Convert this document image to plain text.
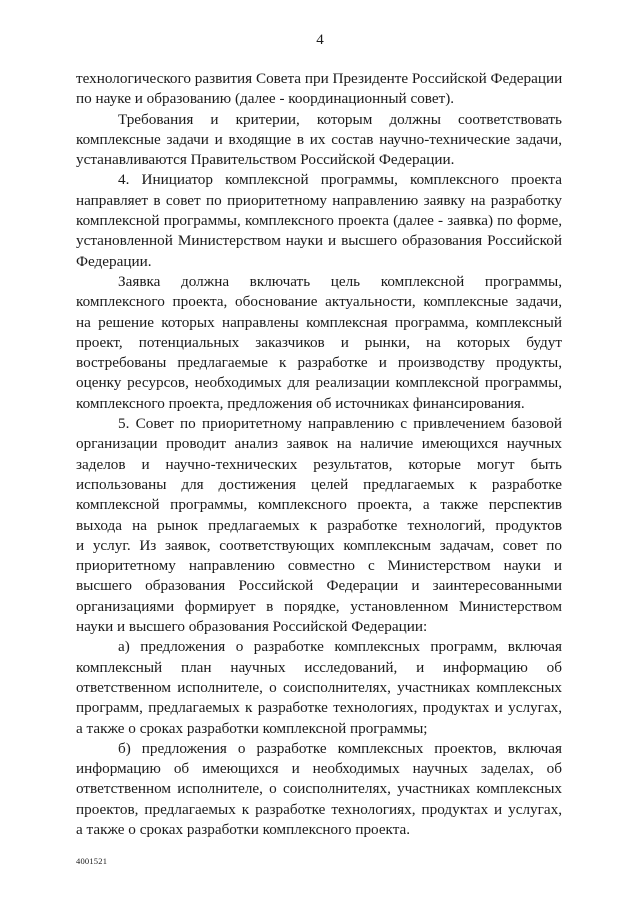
4
технологического развития Совета при Президенте Российской Федерации
по науке и образованию (далее - координационный совет).
Требования и критерии, которым должны соответствовать
комплексные задачи и входящие в их состав научно-технические задачи,
устанавливаются Правительством Российской Федерации.
4. Инициатор комплексной программы, комплексного проекта
направляет в совет по приоритетному направлению заявку на разработку
комплексной программы, комплексного проекта (далее - заявка) по форме,
установленной Министерством науки и высшего образования Российской
Федерации.
Заявка должна включать цель комплексной программы,
комплексного проекта, обоснование актуальности, комплексные задачи,
на решение которых направлены комплексная программа, комплексный
проект, потенциальных заказчиков и рынки, на которых будут
востребованы предлагаемые к разработке и производству продукты,
оценку ресурсов, необходимых для реализации комплексной программы,
комплексного проекта, предложения об источниках финансирования.
5. Совет по приоритетному направлению с привлечением базовой
организации проводит анализ заявок на наличие имеющихся научных
заделов и научно-технических результатов, которые могут быть
использованы для достижения целей предлагаемых к разработке
комплексной программы, комплексного проекта, а также перспектив
выхода на рынок предлагаемых к разработке технологий, продуктов
и услуг. Из заявок, соответствующих комплексным задачам, совет по
приоритетному направлению совместно с Министерством науки и
высшего образования Российской Федерации и заинтересованными
организациями формирует в порядке, установленном Министерством
науки и высшего образования Российской Федерации:
а) предложения о разработке комплексных программ, включая
комплексный план научных исследований, и информацию об
ответственном исполнителе, о соисполнителях, участниках комплексных
программ, предлагаемых к разработке технологиях, продуктах и услугах,
а также о сроках разработки комплексной программы;
б) предложения о разработке комплексных проектов, включая
информацию об имеющихся и необходимых научных заделах, об
ответственном исполнителе, о соисполнителях, участниках комплексных
проектов, предлагаемых к разработке технологиях, продуктах и услугах,
а также о сроках разработки комплексного проекта.
4001521
